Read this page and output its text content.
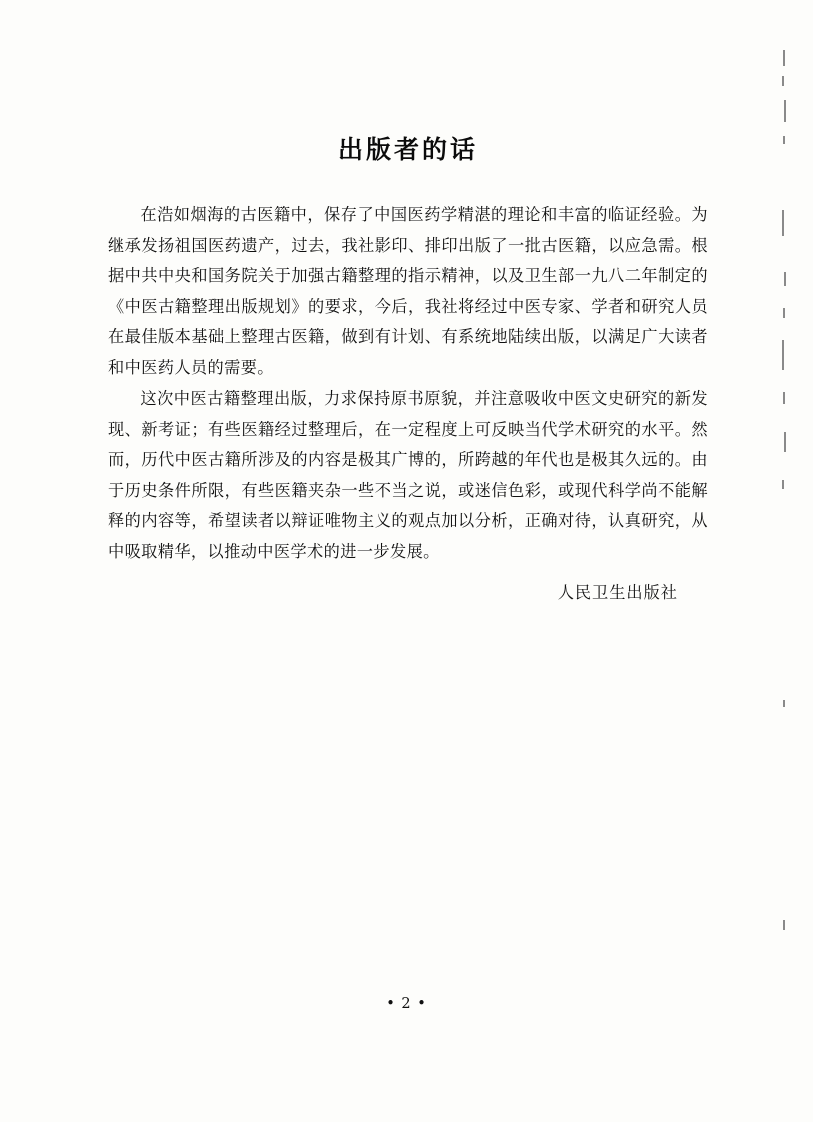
出版者的话

在浩如烟海的古医籍中，保存了中国医药学精湛的理论和丰富的临证经验。为继承发扬祖国医药遗产，过去，我社影印、排印出版了一批古医籍，以应急需。根据中共中央和国务院关于加强古籍整理的指示精神，以及卫生部一九八二年制定的《中医古籍整理出版规划》的要求，今后，我社将经过中医专家、学者和研究人员在最佳版本基础上整理古医籍，做到有计划、有系统地陆续出版，以满足广大读者和中医药人员的需要。

这次中医古籍整理出版，力求保持原书原貌，并注意吸收中医文史研究的新发现、新考证；有些医籍经过整理后，在一定程度上可反映当代学术研究的水平。然而，历代中医古籍所涉及的内容是极其广博的，所跨越的年代也是极其久远的。由于历史条件所限，有些医籍夹杂一些不当之说，或迷信色彩，或现代科学尚不能解释的内容等，希望读者以辩证唯物主义的观点加以分析，正确对待，认真研究，从中吸取精华，以推动中医学术的进一步发展。

人民卫生出版社
• 2 •
